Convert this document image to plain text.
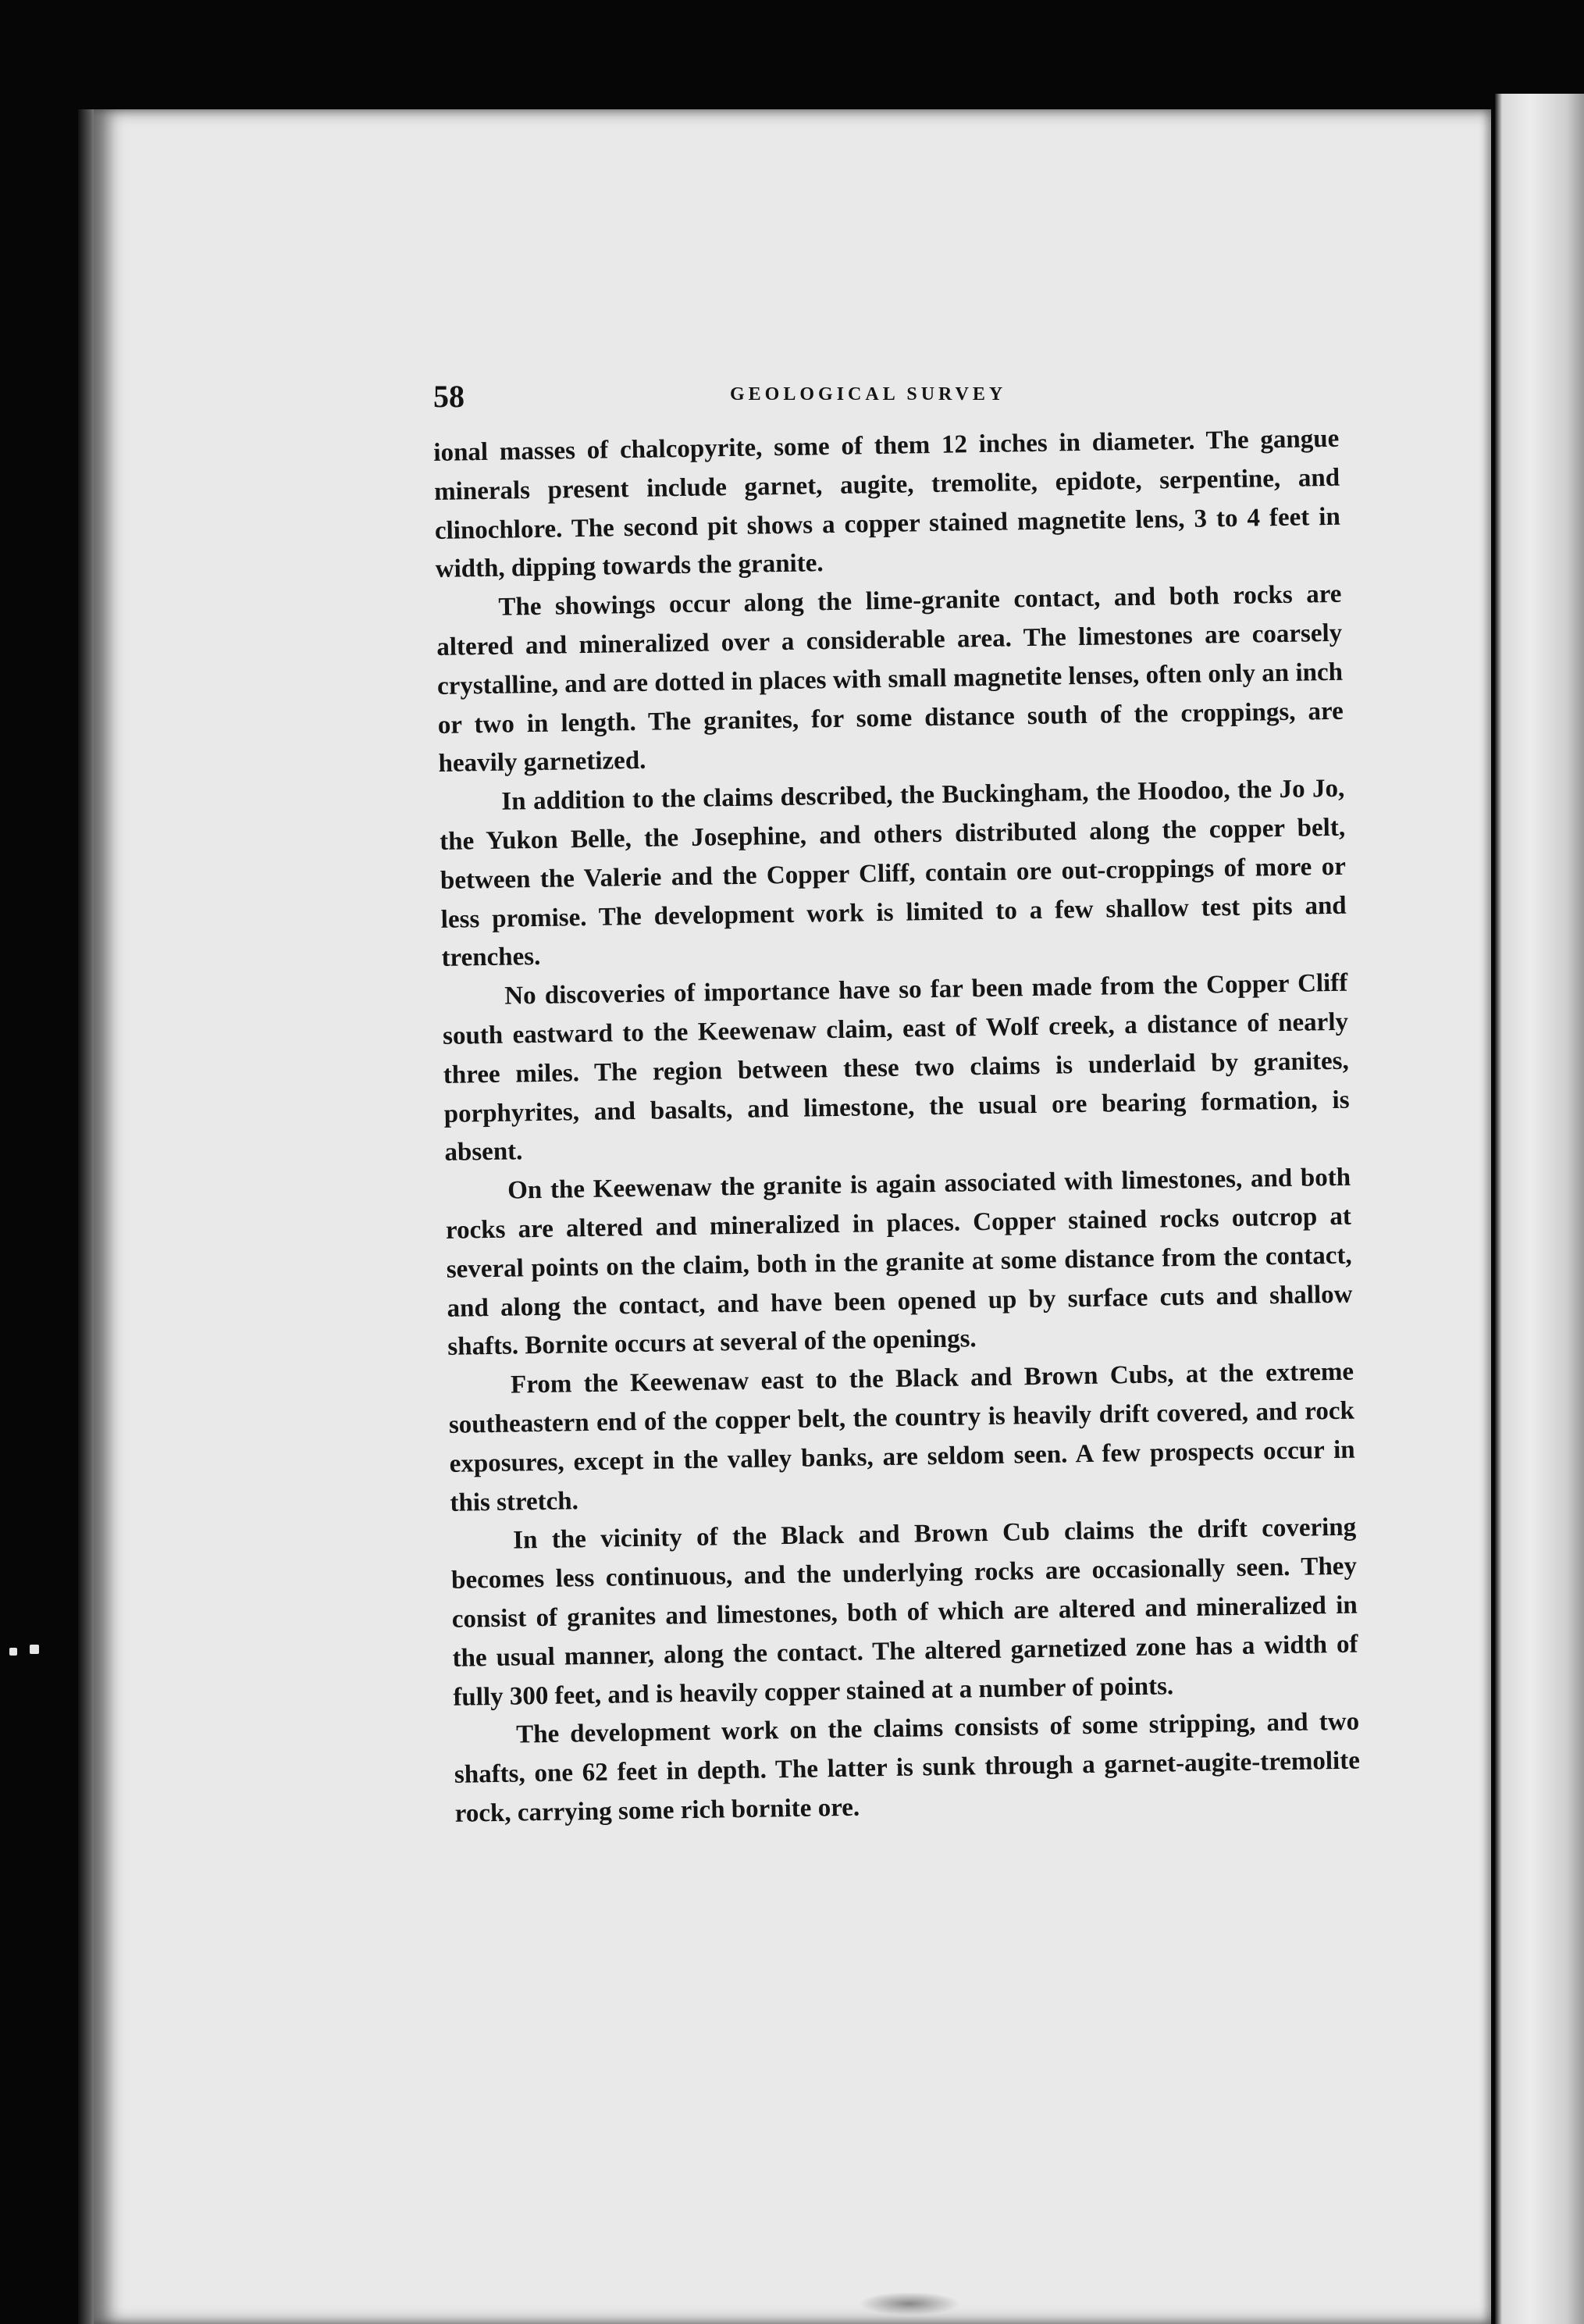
58	GEOLOGICAL SURVEY

ional masses of chalcopyrite, some of them 12 inches in diameter. The gangue minerals present include garnet, augite, tremolite, epidote, serpentine, and clinochlore. The second pit shows a copper stained magnetite lens, 3 to 4 feet in width, dipping towards the granite.

The showings occur along the lime-granite contact, and both rocks are altered and mineralized over a considerable area. The limestones are coarsely crystalline, and are dotted in places with small magnetite lenses, often only an inch or two in length. The granites, for some distance south of the croppings, are heavily garnetized.

In addition to the claims described, the Buckingham, the Hoodoo, the Jo Jo, the Yukon Belle, the Josephine, and others distributed along the copper belt, between the Valerie and the Copper Cliff, contain ore out-croppings of more or less promise. The development work is limited to a few shallow test pits and trenches.

No discoveries of importance have so far been made from the Copper Cliff south eastward to the Keewenaw claim, east of Wolf creek, a distance of nearly three miles. The region between these two claims is underlaid by granites, porphyrites, and basalts, and limestone, the usual ore bearing formation, is absent.

On the Keewenaw the granite is again associated with limestones, and both rocks are altered and mineralized in places. Copper stained rocks outcrop at several points on the claim, both in the granite at some distance from the contact, and along the contact, and have been opened up by surface cuts and shallow shafts. Bornite occurs at several of the openings.

From the Keewenaw east to the Black and Brown Cubs, at the extreme southeastern end of the copper belt, the country is heavily drift covered, and rock exposures, except in the valley banks, are seldom seen. A few prospects occur in this stretch.

In the vicinity of the Black and Brown Cub claims the drift covering becomes less continuous, and the underlying rocks are occasionally seen. They consist of granites and limestones, both of which are altered and mineralized in the usual manner, along the contact. The altered garnetized zone has a width of fully 300 feet, and is heavily copper stained at a number of points.

The development work on the claims consists of some stripping, and two shafts, one 62 feet in depth. The latter is sunk through a garnet-augite-tremolite rock, carrying some rich bornite ore.
